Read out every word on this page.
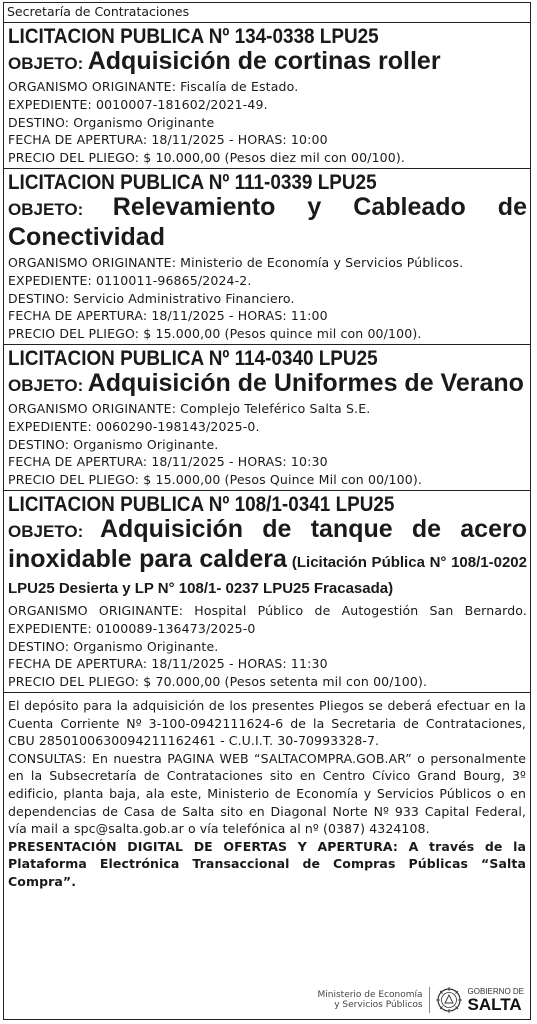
Secretaría de Contrataciones
LICITACION PUBLICA Nº 134-0338 LPU25
OBJETO: Adquisición de cortinas roller
ORGANISMO ORIGINANTE: Fiscalía de Estado.
EXPEDIENTE: 0010007-181602/2021-49.
DESTINO: Organismo Originante
FECHA DE APERTURA: 18/11/2025 - HORAS: 10:00
PRECIO DEL PLIEGO: $ 10.000,00 (Pesos diez mil con 00/100).
LICITACION PUBLICA Nº 111-0339 LPU25
OBJETO: Relevamiento y Cableado de Conectividad
ORGANISMO ORIGINANTE: Ministerio de Economía y Servicios Públicos.
EXPEDIENTE: 0110011-96865/2024-2.
DESTINO: Servicio Administrativo Financiero.
FECHA DE APERTURA: 18/11/2025 - HORAS: 11:00
PRECIO DEL PLIEGO: $ 15.000,00 (Pesos quince mil con 00/100).
LICITACION PUBLICA Nº 114-0340 LPU25
OBJETO: Adquisición de Uniformes de Verano
ORGANISMO ORIGINANTE: Complejo Teleférico Salta S.E.
EXPEDIENTE: 0060290-198143/2025-0.
DESTINO: Organismo Originante.
FECHA DE APERTURA: 18/11/2025 - HORAS: 10:30
PRECIO DEL PLIEGO: $ 15.000,00 (Pesos Quince Mil con 00/100).
LICITACION PUBLICA Nº 108/1-0341 LPU25
OBJETO: Adquisición de tanque de acero inoxidable para caldera (Licitación Pública N° 108/1-0202 LPU25 Desierta y LP N° 108/1- 0237 LPU25 Fracasada)
ORGANISMO ORIGINANTE: Hospital Público de Autogestión San Bernardo. EXPEDIENTE: 0100089-136473/2025-0
DESTINO: Organismo Originante.
FECHA DE APERTURA: 18/11/2025 - HORAS: 11:30
PRECIO DEL PLIEGO: $ 70.000,00 (Pesos setenta mil con 00/100).

El depósito para la adquisición de los presentes Pliegos se deberá efectuar en la Cuenta Corriente Nº 3-100-0942111624-6 de la Secretaria de Contrataciones, CBU 2850100630094211162461 - C.U.I.T. 30-70993328-7.

CONSULTAS: En nuestra PAGINA WEB “SALTACOMPRA.GOB.AR” o personalmente en la Subsecretaría de Contrataciones sito en Centro Cívico Grand Bourg, 3º edificio, planta baja, ala este, Ministerio de Economía y Servicios Públicos o en dependencias de Casa de Salta sito en Diagonal Norte Nº 933 Capital Federal, vía mail a spc@salta.gob.ar o vía telefónica al nº (0387) 4324108.

PRESENTACIÓN DIGITAL DE OFERTAS Y APERTURA: A través de la Plataforma Electrónica Transaccional de Compras Públicas “Salta Compra”.

Ministerio de Economía
y Servicios Públicos
GOBIERNO DE
SALTA
